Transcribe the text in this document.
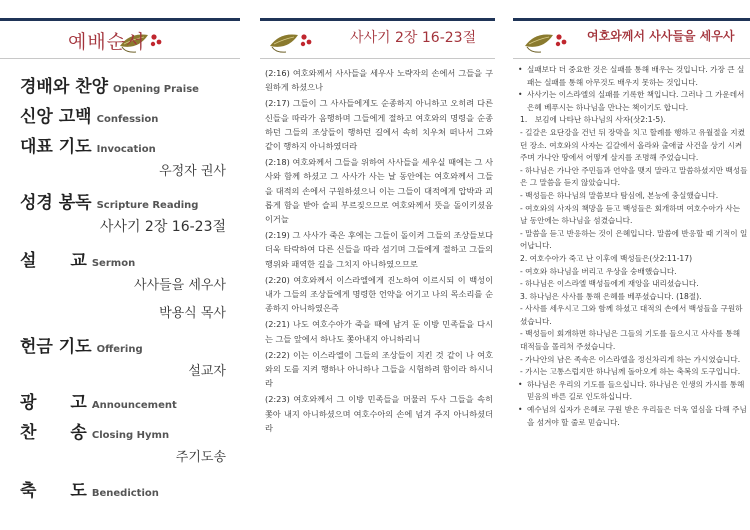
예배순서
경배와 찬양 Opening Praise
신앙 고백 Confession
대표 기도 Invocation
우정자 권사
성경 봉독 Scripture Reading
사사기 2장 16-23절
설　　교 Sermon
사사들을 세우사
박용식 목사
헌금 기도 Offering
설교자
광　　고 Announcement
찬　　송 Closing Hymn
주기도송
축　　도 Benediction
사사기 2장 16-23절

(2:16) 여호와께서 사사들을 세우사 노략자의 손에서 그들을 구원하게 하셨으나

(2:17) 그들이 그 사사들에게도 순종하지 아니하고 오히려 다른 신들을 따라가 음행하며 그들에게 절하고 여호와의 명령을 순종하던 그들의 조상들이 행하던 길에서 속히 치우쳐 떠나서 그와 같이 행하지 아니하였더라

(2:18) 여호와께서 그들을 위하여 사사들을 세우실 때에는 그 사사와 함께 하셨고 그 사사가 사는 날 동안에는 여호와께서 그들을 대적의 손에서 구원하셨으니 이는 그들이 대적에게 압박과 괴롭게 함을 받아 슬피 부르짖으므로 여호와께서 뜻을 돌이키셨음이거늘

(2:19) 그 사사가 죽은 후에는 그들이 돌이켜 그들의 조상들보다 더욱 타락하여 다른 신들을 따라 섬기며 그들에게 절하고 그들의 행위와 패역한 길을 그치지 아니하였으므로

(2:20) 여호와께서 이스라엘에게 진노하여 이르시되 이 백성이 내가 그들의 조상들에게 명령한 언약을 어기고 나의 목소리를 순종하지 아니하였은즉

(2:21) 나도 여호수아가 죽을 때에 남겨 둔 이방 민족들을 다시는 그들 앞에서 하나도 쫓아내지 아니하리니

(2:22) 이는 이스라엘이 그들의 조상들이 지킨 것 같이 나 여호와의 도를 지켜 행하나 아니하나 그들을 시험하려 함이라 하시니라

(2:23) 여호와께서 그 이방 민족들을 머물러 두사 그들을 속히 쫓아 내지 아니하셨으며 여호수아의 손에 넘겨 주지 아니하셨더라

여호와께서 사사들을 세우사

• 실패보다 더 중요한 것은 실패를 통해 배우는 것입니다. 가장 큰 실패는 실패를 통해 아무것도 배우지 못하는 것입니다.

• 사사기는 이스라엘의 실패를 기록한 책입니다. 그러나 그 가운데서 은혜 베푸시는 하나님을 만나는 책이기도 합니다.

1.　보김에 나타난 하나님의 사자(삿2:1-5).

- 길갈은 요단강을 건넌 뒤 장막을 치고 할례를 행하고 유월절을 지켰던 장소. 여호와의 사자는 길갈에서 올라와 출애굽 사건을 상기 시켜주며 가나안 땅에서 어떻게 살지를 조명해 주었습니다.

- 하나님은 가나안 주민들과 언약을 맺지 말라고 말씀하셨지만 백성들은 그 말씀을 듣지 않았습니다.

- 백성들은 하나님의 말씀보다 탐심에, 본능에 충실했습니다.

- 여호와의 사자의 책망을 듣고 백성들은 회개하며 여호수아가 사는 날 동안에는 하나님을 섬겼습니다.

- 말씀을 듣고 반응하는 것이 은혜입니다. 말씀에 반응할 때 기적이 일어납니다.

2. 여호수아가 죽고 난 이후에 백성들은(삿2:11-17)

- 여호와 하나님을 버리고 우상을 숭배했습니다.

- 하나님은 이스라엘 백성들에게 재앙을 내리셨습니다.

3. 하나님은 사사를 통해 은혜를 베푸셨습니다. (18절).

- 사사를 세우시고 그와 함께 하셨고 대적의 손에서 백성들을 구원하셨습니다.

- 백성들이 회개하면 하나님은 그들의 기도를 들으시고 사사를 통해 대적들을 몰리쳐 주셨습니다.

- 가나안의 남은 족속은 이스라엘을 정신차리게 하는 가시였습니다.

- 가시는 고통스럽지만 하나님께 돌아오게 하는 축복의 도구입니다.

• 하나님은 우리의 기도를 들으십니다. 하나님은 인생의 가시를 통해 믿음의 바른 길로 인도하십니다.

• 예수님의 십자가 은혜로 구원 받은 우리들은 더욱 열심을 다해 주님을 섬겨야 할 줄로 믿습니다.
